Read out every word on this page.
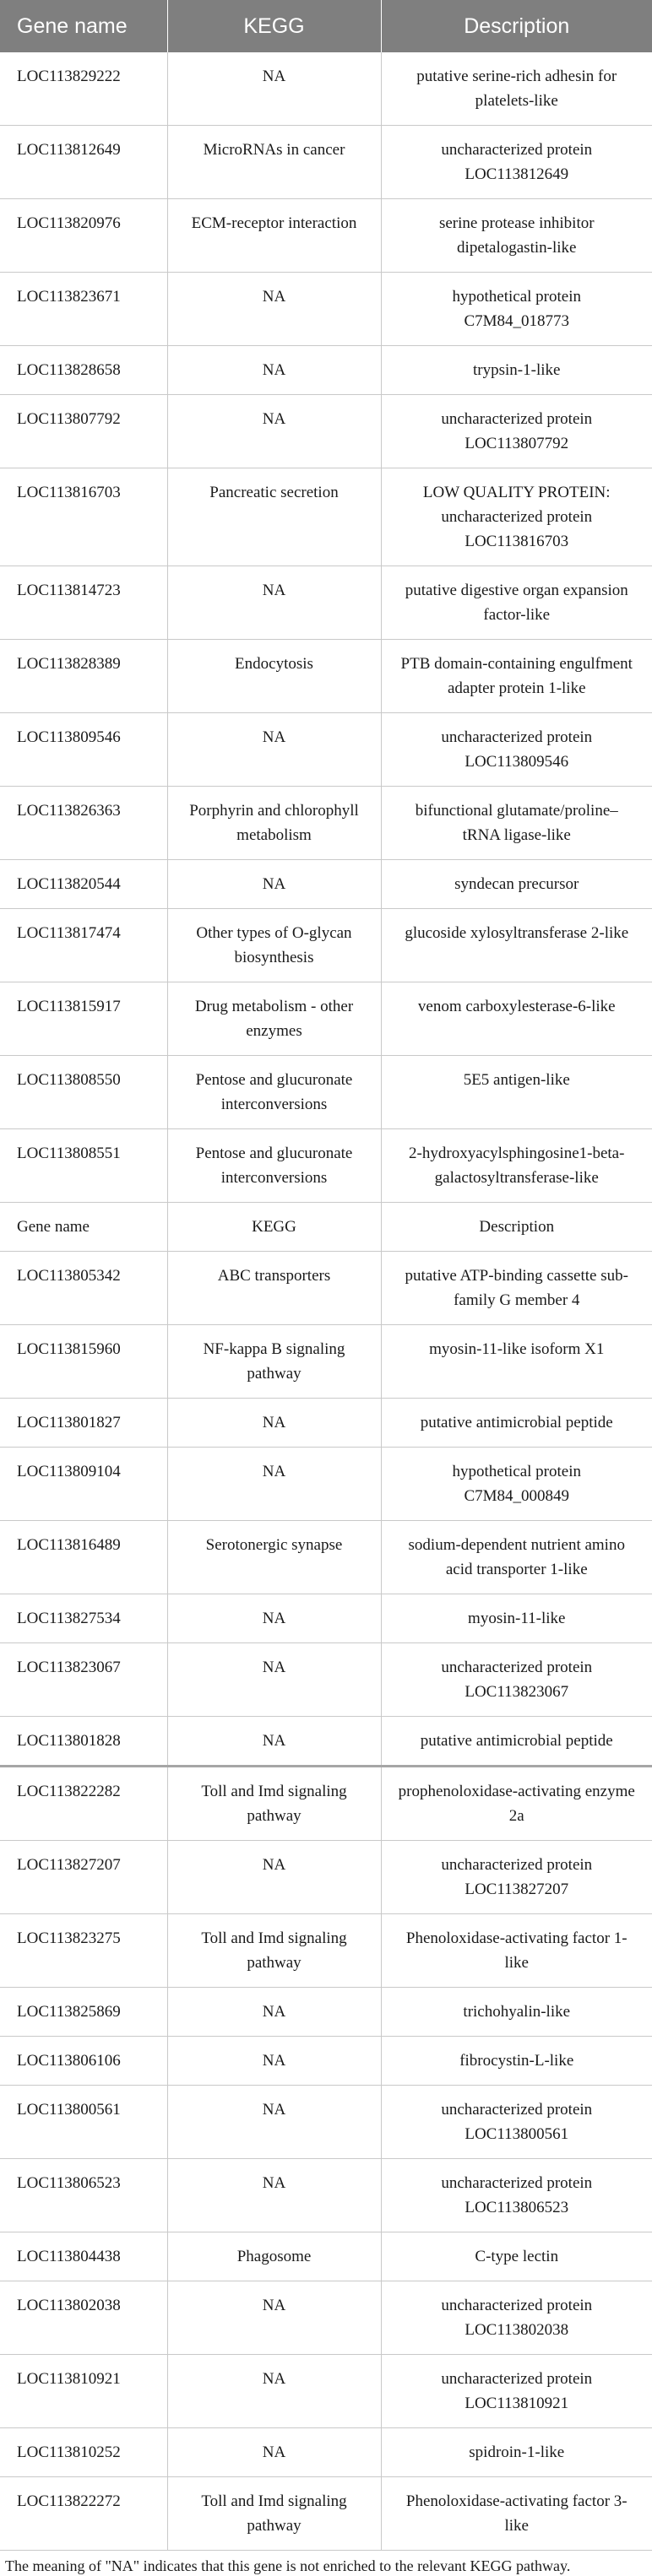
Gene name	KEGG	Description
LOC113829222	NA	putative serine-rich adhesin for platelets-like
LOC113812649	MicroRNAs in cancer	uncharacterized protein LOC113812649
LOC113820976	ECM-receptor interaction	serine protease inhibitor dipetalogastin-like
LOC113823671	NA	hypothetical protein C7M84_018773
LOC113828658	NA	trypsin-1-like
LOC113807792	NA	uncharacterized protein LOC113807792
LOC113816703	Pancreatic secretion	LOW QUALITY PROTEIN: uncharacterized protein LOC113816703
LOC113814723	NA	putative digestive organ expansion factor-like
LOC113828389	Endocytosis	PTB domain-containing engulfment adapter protein 1-like
LOC113809546	NA	uncharacterized protein LOC113809546
LOC113826363	Porphyrin and chlorophyll metabolism	bifunctional glutamate/proline–tRNA ligase-like
LOC113820544	NA	syndecan precursor
LOC113817474	Other types of O-glycan biosynthesis	glucoside xylosyltransferase 2-like
LOC113815917	Drug metabolism - other enzymes	venom carboxylesterase-6-like
LOC113808550	Pentose and glucuronate interconversions	5E5 antigen-like
LOC113808551	Pentose and glucuronate interconversions	2-hydroxyacylsphingosine1-beta-galactosyltransferase-like
Gene name	KEGG	Description
LOC113805342	ABC transporters	putative ATP-binding cassette sub-family G member 4
LOC113815960	NF-kappa B signaling pathway	myosin-11-like isoform X1
LOC113801827	NA	putative antimicrobial peptide
LOC113809104	NA	hypothetical protein C7M84_000849
LOC113816489	Serotonergic synapse	sodium-dependent nutrient amino acid transporter 1-like
LOC113827534	NA	myosin-11-like
LOC113823067	NA	uncharacterized protein LOC113823067
LOC113801828	NA	putative antimicrobial peptide
LOC113822282	Toll and Imd signaling pathway	prophenoloxidase-activating enzyme 2a
LOC113827207	NA	uncharacterized protein LOC113827207
LOC113823275	Toll and Imd signaling pathway	Phenoloxidase-activating factor 1-like
LOC113825869	NA	trichohyalin-like
LOC113806106	NA	fibrocystin-L-like
LOC113800561	NA	uncharacterized protein LOC113800561
LOC113806523	NA	uncharacterized protein LOC113806523
LOC113804438	Phagosome	C-type lectin
LOC113802038	NA	uncharacterized protein LOC113802038
LOC113810921	NA	uncharacterized protein LOC113810921
LOC113810252	NA	spidroin-1-like
LOC113822272	Toll and Imd signaling pathway	Phenoloxidase-activating factor 3-like
The meaning of "NA" indicates that this gene is not enriched to the relevant KEGG pathway.
